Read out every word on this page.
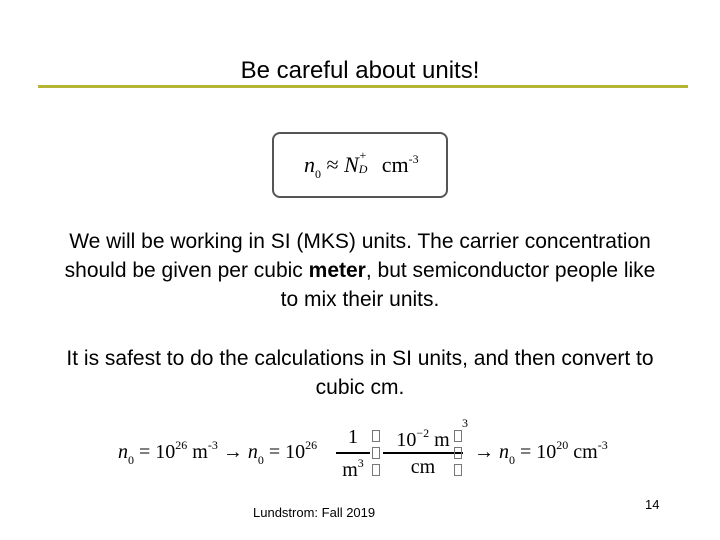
Be careful about units!
$n_0 \approx N$ +
D $cm^{-3}$
We will be working in SI (MKS) units. The carrier concentration should be given per cubic meter, but semiconductor people like to mix their units.
It is safest to do the calculations in SI units, and then convert to cubic cm.
$n_0 = 10^{26}$ $m^{-3} \to n_0 = 10^{26}$	1
$m^3$
$10^{-2}$ m
cm
3
→ $n_0 = 10^{20}$ $cm^{-3}$
Lundstrom: Fall 2019
14
